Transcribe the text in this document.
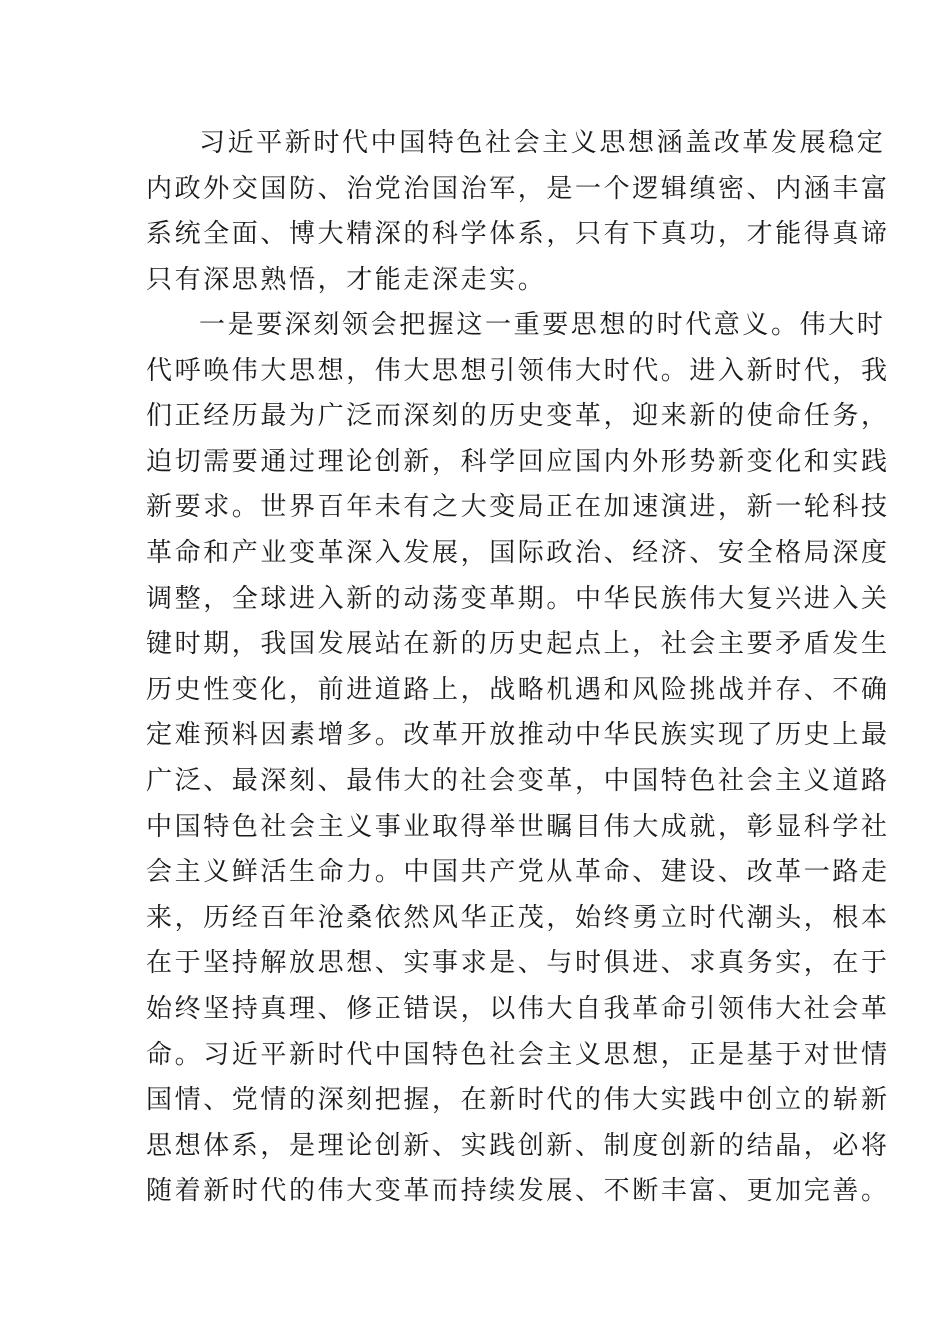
习近平新时代中国特色社会主义思想涵盖改革发展稳定
内政外交国防、治党治国治军，是一个逻辑缜密、内涵丰富
系统全面、博大精深的科学体系，只有下真功，才能得真谛
只有深思熟悟，才能走深走实。
一是要深刻领会把握这一重要思想的时代意义。伟大时
代呼唤伟大思想，伟大思想引领伟大时代。进入新时代，我
们正经历最为广泛而深刻的历史变革，迎来新的使命任务，
迫切需要通过理论创新，科学回应国内外形势新变化和实践
新要求。世界百年未有之大变局正在加速演进，新一轮科技
革命和产业变革深入发展，国际政治、经济、安全格局深度
调整，全球进入新的动荡变革期。中华民族伟大复兴进入关
键时期，我国发展站在新的历史起点上，社会主要矛盾发生
历史性变化，前进道路上，战略机遇和风险挑战并存、不确
定难预料因素增多。改革开放推动中华民族实现了历史上最
广泛、最深刻、最伟大的社会变革，中国特色社会主义道路
中国特色社会主义事业取得举世瞩目伟大成就，彰显科学社
会主义鲜活生命力。中国共产党从革命、建设、改革一路走
来，历经百年沧桑依然风华正茂，始终勇立时代潮头，根本
在于坚持解放思想、实事求是、与时俱进、求真务实，在于
始终坚持真理、修正错误，以伟大自我革命引领伟大社会革
命。习近平新时代中国特色社会主义思想，正是基于对世情
国情、党情的深刻把握，在新时代的伟大实践中创立的崭新
思想体系，是理论创新、实践创新、制度创新的结晶，必将
随着新时代的伟大变革而持续发展、不断丰富、更加完善。
